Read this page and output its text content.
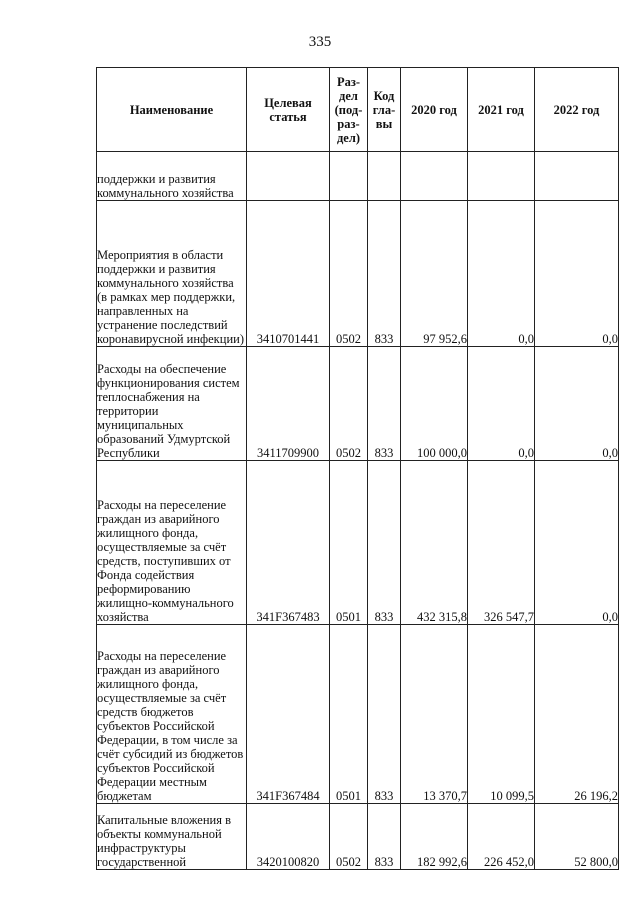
335
Наименование	Целевая статья	Раз-дел (под-раз-дел)	Код гла-вы	2020 год	2021 год	2022 год
поддержки и развития коммунального хозяйства						
Мероприятия в области поддержки и развития коммунального хозяйства (в рамках мер поддержки, направленных на устранение последствий коронавирусной инфекции)	3410701441	0502	833	97 952,6	0,0	0,0
Расходы на обеспечение функционирования систем теплоснабжения на территории муниципальных образований Удмуртской Республики	3411709900	0502	833	100 000,0	0,0	0,0
Расходы на переселение граждан из аварийного жилищного фонда, осуществляемые за счёт средств, поступивших от Фонда содействия реформированию жилищно-коммунального хозяйства	341F367483	0501	833	432 315,8	326 547,7	0,0
Расходы на переселение граждан из аварийного жилищного фонда, осуществляемые за счёт средств бюджетов субъектов Российской Федерации, в том числе за счёт субсидий из бюджетов субъектов Российской Федерации местным бюджетам	341F367484	0501	833	13 370,7	10 099,5	26 196,2
Капитальные вложения в объекты коммунальной инфраструктуры государственной	3420100820	0502	833	182 992,6	226 452,0	52 800,0
